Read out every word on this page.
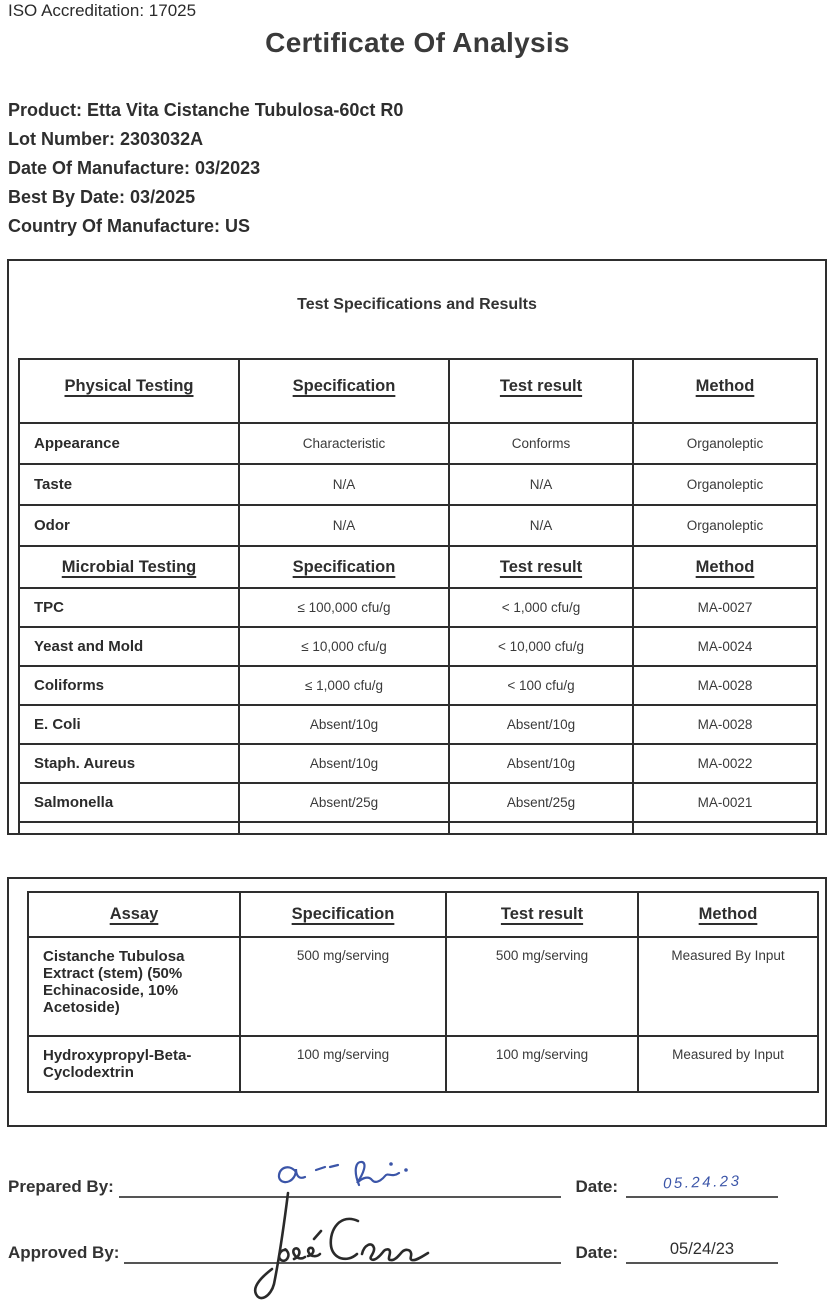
ISO Accreditation: 17025
Certificate Of Analysis
Product: Etta Vita Cistanche Tubulosa-60ct R0
Lot Number: 2303032A
Date Of Manufacture: 03/2023
Best By Date: 03/2025
Country Of Manufacture: US
Test Specifications and Results
Physical Testing	Specification	Test result	Method
Appearance	Characteristic	Conforms	Organoleptic
Taste	N/A	N/A	Organoleptic
Odor	N/A	N/A	Organoleptic
Microbial Testing	Specification	Test result	Method
TPC	≤ 100,000 cfu/g	< 1,000 cfu/g	MA-0027
Yeast and Mold	≤ 10,000 cfu/g	< 10,000 cfu/g	MA-0024
Coliforms	≤ 1,000 cfu/g	< 100 cfu/g	MA-0028
E. Coli	Absent/10g	Absent/10g	MA-0028
Staph. Aureus	Absent/10g	Absent/10g	MA-0022
Salmonella	Absent/25g	Absent/25g	MA-0021

Assay	Specification	Test result	Method
Cistanche Tubulosa Extract (stem) (50% Echinacoside, 10% Acetoside)	500 mg/serving	500 mg/serving	Measured By Input
Hydroxypropyl-Beta-Cyclodextrin	100 mg/serving	100 mg/serving	Measured by Input
Prepared By:	Date:	05.24.23
Approved By:	Date:	05/24/23
